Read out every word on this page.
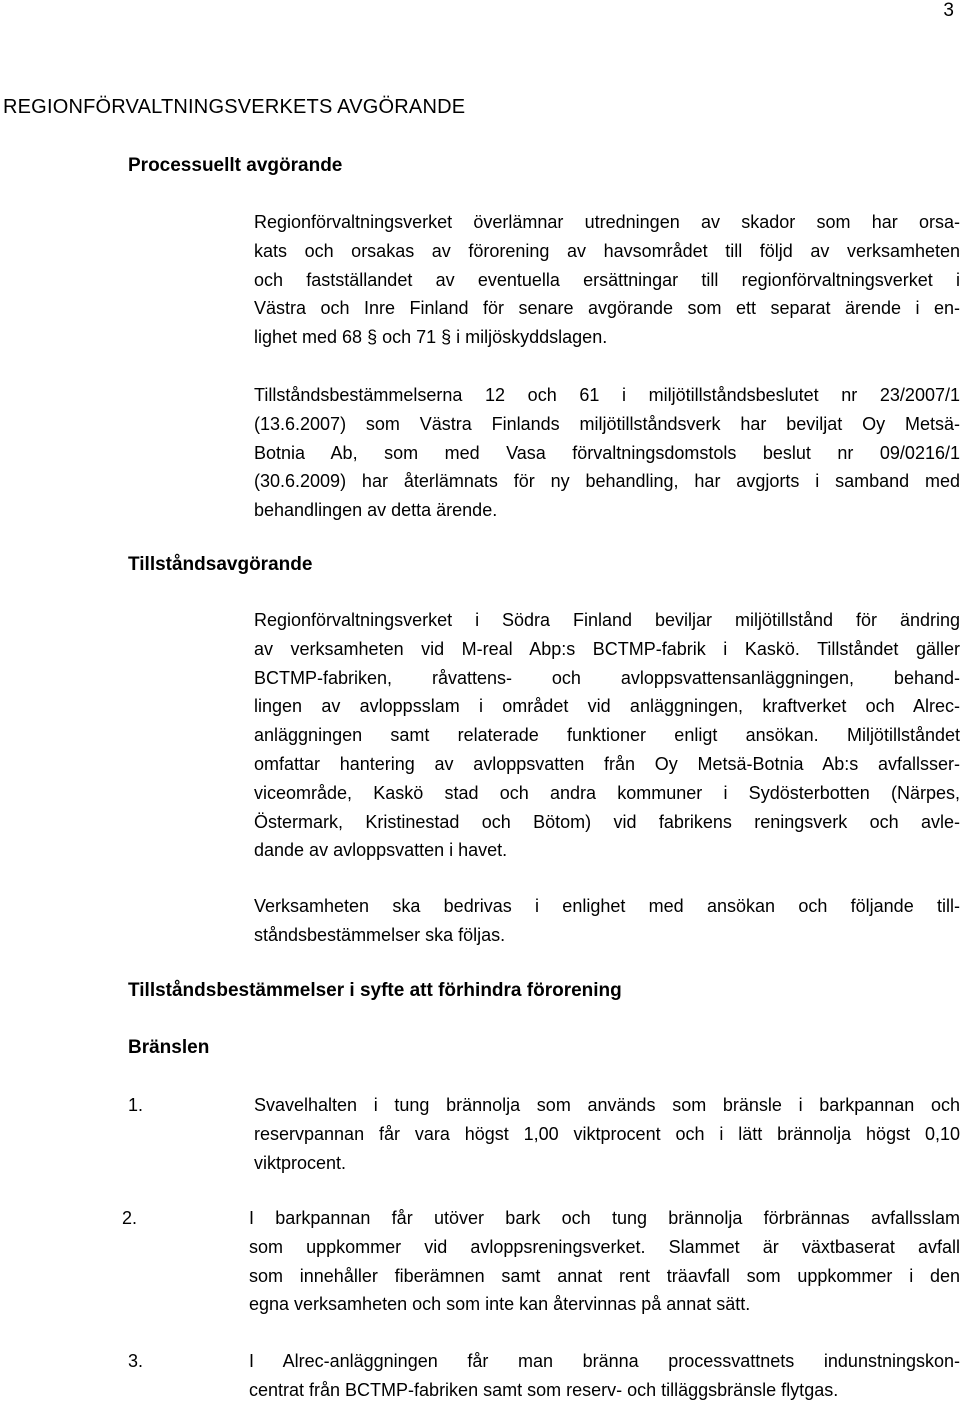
3
REGIONFÖRVALTNINGSVERKETS AVGÖRANDE
Processuellt avgörande
Regionförvaltningsverket överlämnar utredningen av skador som har orsa-
kats och orsakas av förorening av havsområdet till följd av verksamheten
och fastställandet av eventuella ersättningar till regionförvaltningsverket i
Västra och Inre Finland för senare avgörande som ett separat ärende i en-
lighet med 68 § och 71 § i miljöskyddslagen.
Tillståndsbestämmelserna 12 och 61 i miljötillståndsbeslutet nr 23/2007/1
(13.6.2007) som Västra Finlands miljötillståndsverk har beviljat Oy Metsä-
Botnia Ab, som med Vasa förvaltningsdomstols beslut nr 09/0216/1
(30.6.2009) har återlämnats för ny behandling, har avgjorts i samband med
behandlingen av detta ärende.
Tillståndsavgörande
Regionförvaltningsverket i Södra Finland beviljar miljötillstånd för ändring
av verksamheten vid M-real Abp:s BCTMP-fabrik i Kaskö. Tillståndet gäller
BCTMP-fabriken, råvattens- och avloppsvattensanläggningen, behand-
lingen av avloppsslam i området vid anläggningen, kraftverket och Alrec-
anläggningen samt relaterade funktioner enligt ansökan. Miljötillståndet
omfattar hantering av avloppsvatten från Oy Metsä-Botnia Ab:s avfallsser-
viceområde, Kaskö stad och andra kommuner i Sydösterbotten (Närpes,
Östermark, Kristinestad och Bötom) vid fabrikens reningsverk och avle-
dande av avloppsvatten i havet.
Verksamheten ska bedrivas i enlighet med ansökan och följande till-
ståndsbestämmelser ska följas.
Tillståndsbestämmelser i syfte att förhindra förorening
Bränslen
1.	Svavelhalten i tung brännolja som används som bränsle i barkpannan och
reservpannan får vara högst 1,00 viktprocent och i lätt brännolja högst 0,10
viktprocent.
2.	I barkpannan får utöver bark och tung brännolja förbrännas avfallsslam
som uppkommer vid avloppsreningsverket. Slammet är växtbaserat avfall
som innehåller fiberämnen samt annat rent träavfall som uppkommer i den
egna verksamheten och som inte kan återvinnas på annat sätt.
3.	I Alrec-anläggningen får man bränna processvattnets indunstningskon-
centrat från BCTMP-fabriken samt som reserv- och tilläggsbränsle flytgas.
